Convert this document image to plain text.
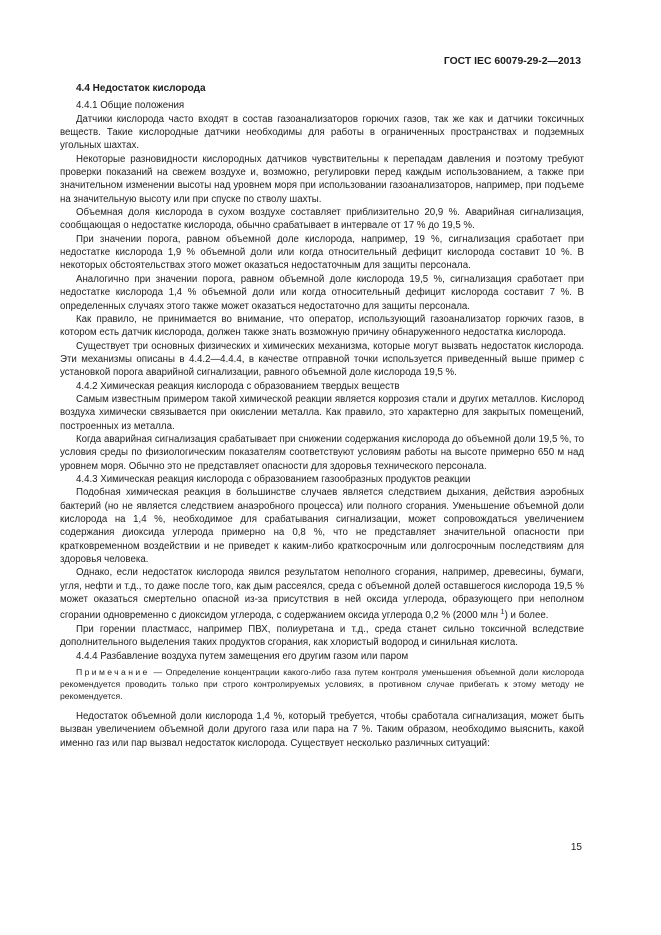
ГОСТ IEC 60079-29-2—2013
4.4 Недостаток кислорода
4.4.1 Общие положения

Датчики кислорода часто входят в состав газоанализаторов горючих газов, так же как и датчики токсичных веществ. Такие кислородные датчики необходимы для работы в ограниченных пространствах и подземных угольных шахтах.

Некоторые разновидности кислородных датчиков чувствительны к перепадам давления и поэтому требуют проверки показаний на свежем воздухе и, возможно, регулировки перед каждым использованием, а также при значительном изменении высоты над уровнем моря при использовании газоанализаторов, например, при подъеме на значительную высоту или при спуске по стволу шахты.

Объемная доля кислорода в сухом воздухе составляет приблизительно 20,9 %. Аварийная сигнализация, сообщающая о недостатке кислорода, обычно срабатывает в интервале от 17 % до 19,5 %.

При значении порога, равном объемной доле кислорода, например, 19 %, сигнализация сработает при недостатке кислорода 1,9 % объемной доли или когда относительный дефицит кислорода составит 10 %. В некоторых обстоятельствах этого может оказаться недостаточным для защиты персонала.

Аналогично при значении порога, равном объемной доле кислорода 19,5 %, сигнализация сработает при недостатке кислорода 1,4 % объемной доли или когда относительный дефицит кислорода составит 7 %. В определенных случаях этого также может оказаться недостаточно для защиты персонала.

Как правило, не принимается во внимание, что оператор, использующий газоанализатор горючих газов, в котором есть датчик кислорода, должен также знать возможную причину обнаруженного недостатка кислорода.

Существует три основных физических и химических механизма, которые могут вызвать недостаток кислорода. Эти механизмы описаны в 4.4.2—4.4.4, в качестве отправной точки используется приведенный выше пример с установкой порога аварийной сигнализации, равного объемной доле кислорода 19,5 %.

4.4.2 Химическая реакция кислорода с образованием твердых веществ

Самым известным примером такой химической реакции является коррозия стали и других металлов. Кислород воздуха химически связывается при окислении металла. Как правило, это характерно для закрытых помещений, построенных из металла.

Когда аварийная сигнализация срабатывает при снижении содержания кислорода до объемной доли 19,5 %, то условия среды по физиологическим показателям соответствуют условиям работы на высоте примерно 650 м над уровнем моря. Обычно это не представляет опасности для здоровья технического персонала.

4.4.3 Химическая реакция кислорода с образованием газообразных продуктов реакции

Подобная химическая реакция в большинстве случаев является следствием дыхания, действия аэробных бактерий (но не является следствием анаэробного процесса) или полного сгорания. Уменьшение объемной доли кислорода на 1,4 %, необходимое для срабатывания сигнализации, может сопровождаться увеличением содержания диоксида углерода примерно на 0,8 %, что не представляет значительной опасности при кратковременном воздействии и не приведет к каким-либо краткосрочным или долгосрочным последствиям для здоровья человека.

Однако, если недостаток кислорода явился результатом неполного сгорания, например, древесины, бумаги, угля, нефти и т.д., то даже после того, как дым рассеялся, среда с объемной долей оставшегося кислорода 19,5 % может оказаться смертельно опасной из-за присутствия в ней оксида углерода, образующего при неполном сгорании одновременно с диоксидом углерода, с содержанием оксида углерода 0,2 % (2000 млн $^1$) и более.

При горении пластмасс, например ПВХ, полиуретана и т.д., среда станет сильно токсичной вследствие дополнительного выделения таких продуктов сгорания, как хлористый водород и синильная кислота.

4.4.4 Разбавление воздуха путем замещения его другим газом или паром

Примечание — Определение концентрации какого-либо газа путем контроля уменьшения объемной доли кислорода рекомендуется проводить только при строго контролируемых условиях, в противном случае прибегать к этому методу не рекомендуется.

Недостаток объемной доли кислорода 1,4 %, который требуется, чтобы сработала сигнализация, может быть вызван увеличением объемной доли другого газа или пара на 7 %. Таким образом, необходимо выяснить, какой именно газ или пар вызвал недостаток кислорода. Существует несколько различных ситуаций:

15
